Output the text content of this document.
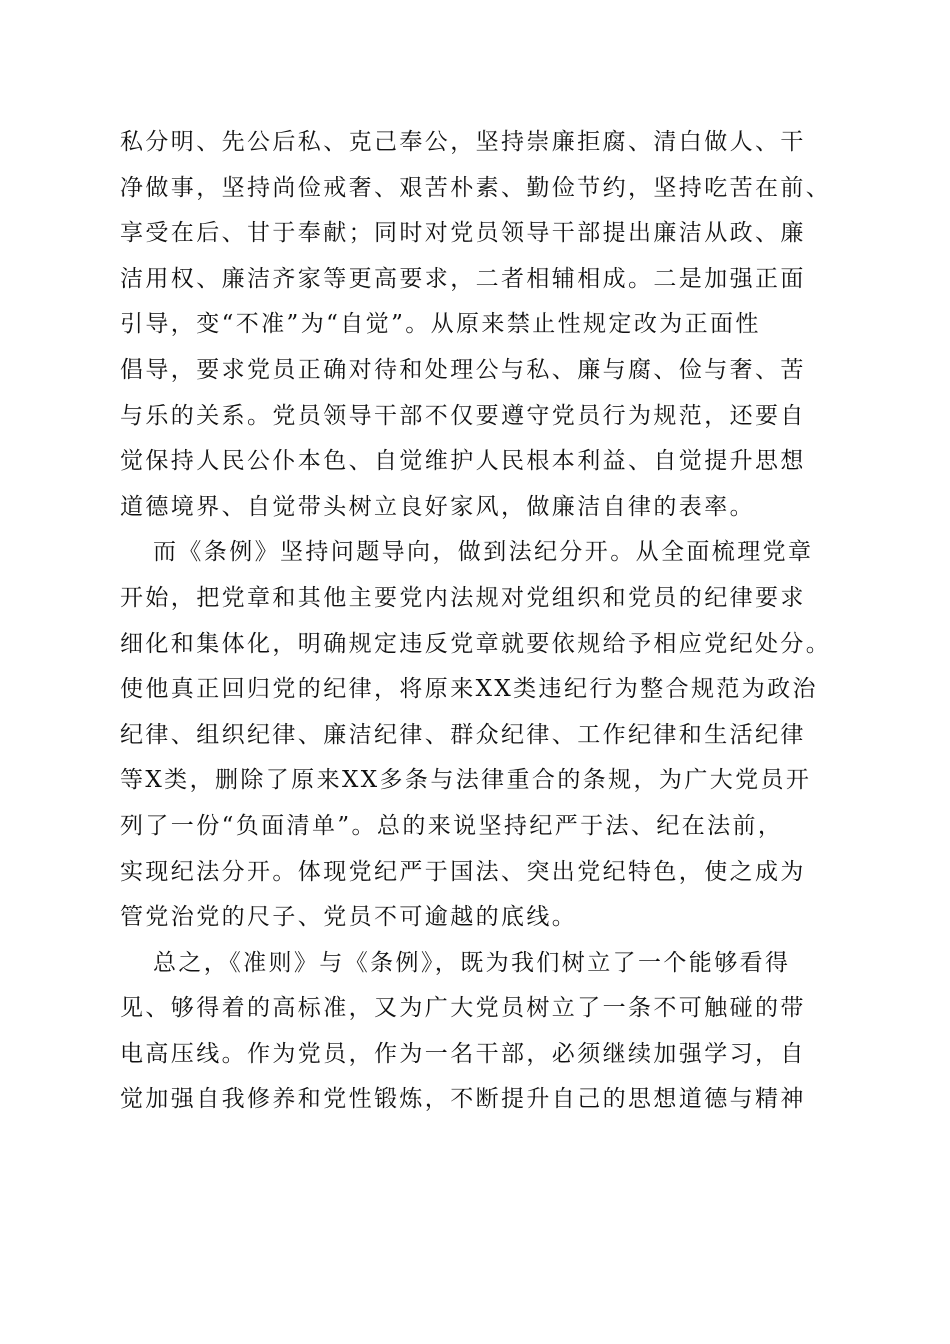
私分明、先公后私、克己奉公，坚持崇廉拒腐、清白做人、干
净做事，坚持尚俭戒奢、艰苦朴素、勤俭节约，坚持吃苦在前、
享受在后、甘于奉献；同时对党员领导干部提出廉洁从政、廉
洁用权、廉洁齐家等更高要求，二者相辅相成。二是加强正面
引导，变“不准”为“自觉”。从原来禁止性规定改为正面性
倡导，要求党员正确对待和处理公与私、廉与腐、俭与奢、苦
与乐的关系。党员领导干部不仅要遵守党员行为规范，还要自
觉保持人民公仆本色、自觉维护人民根本利益、自觉提升思想
道德境界、自觉带头树立良好家风，做廉洁自律的表率。
而《条例》坚持问题导向，做到法纪分开。从全面梳理党章
开始，把党章和其他主要党内法规对党组织和党员的纪律要求
细化和集体化，明确规定违反党章就要依规给予相应党纪处分。
使他真正回归党的纪律，将原来XX类违纪行为整合规范为政治
纪律、组织纪律、廉洁纪律、群众纪律、工作纪律和生活纪律
等X类，删除了原来XX多条与法律重合的条规，为广大党员开
列了一份“负面清单”。总的来说坚持纪严于法、纪在法前，
实现纪法分开。体现党纪严于国法、突出党纪特色，使之成为
管党治党的尺子、党员不可逾越的底线。
总之，《准则》与《条例》，既为我们树立了一个能够看得
见、够得着的高标准，又为广大党员树立了一条不可触碰的带
电高压线。作为党员，作为一名干部，必须继续加强学习，自
觉加强自我修养和党性锻炼，不断提升自己的思想道德与精神
